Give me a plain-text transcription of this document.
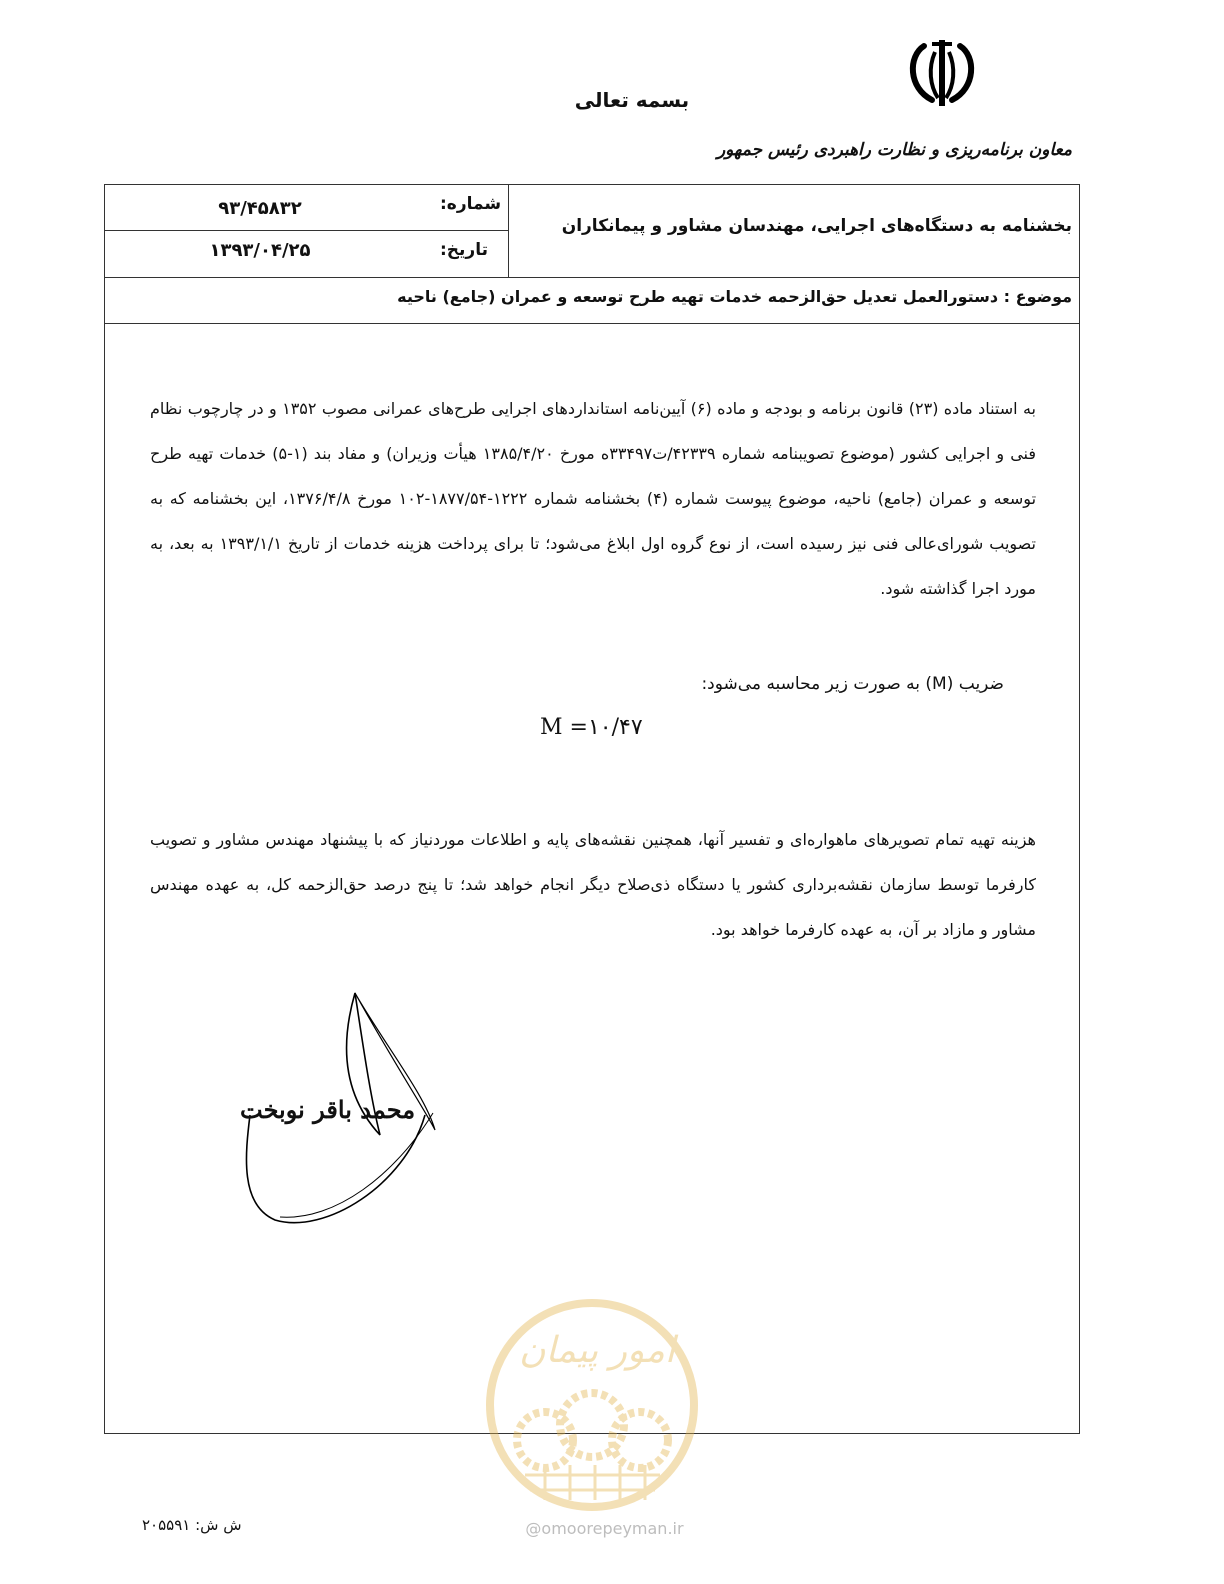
بسمه تعالی
معاون برنامه‌ریزی و نظارت راهبردی رئیس جمهور
بخشنامه به دستگاه‌های اجرایی، مهندسان مشاور و پیمانکاران
شماره:
۹۳/۴۵۸۳۲
تاریخ:
۱۳۹۳/۰۴/۲۵
موضوع : دستورالعمل تعدیل حق‌الزحمه خدمات تهیه طرح توسعه و عمران (جامع) ناحیه
به استناد ماده (۲۳) قانون برنامه و بودجه و ماده (۶) آیین‌نامه استانداردهای اجرایی طرح‌های عمرانی مصوب ۱۳۵۲ و در چارچوب نظام فنی و اجرایی کشور (موضوع تصویبنامه شماره ۴۲۳۳۹/ت۳۳۴۹۷ه مورخ ۱۳۸۵/۴/۲۰ هیأت وزیران) و مفاد بند (۱-۵) خدمات تهیه طرح توسعه و عمران (جامع) ناحیه، موضوع پیوست شماره (۴) بخشنامه شماره ۱۲۲۲-۱۸۷۷/۵۴-۱۰۲ مورخ ۱۳۷۶/۴/۸، این بخشنامه که به تصویب شورای‌عالی فنی نیز رسیده است، از نوع گروه اول ابلاغ می‌شود؛ تا برای پرداخت هزینه خدمات از تاریخ ۱۳۹۳/۱/۱ به بعد، به مورد اجرا گذاشته شود.
ضریب (M) به صورت زیر محاسبه می‌شود:
M =۱۰/۴۷
هزینه تهیه تمام تصویرهای ماهواره‌ای و تفسیر آنها، همچنین نقشه‌های پایه و اطلاعات موردنیاز که با پیشنهاد مهندس مشاور و تصویب کارفرما توسط سازمان نقشه‌برداری کشور یا دستگاه ذی‌صلاح دیگر انجام خواهد شد؛ تا پنج درصد حق‌الزحمه کل، به عهده مهندس مشاور و مازاد بر آن، به عهده کارفرما خواهد بود.
محمد باقر نوبخت
امور پیمان
@omoorepeyman.ir
ش ش: ۲۰۵۵۹۱
